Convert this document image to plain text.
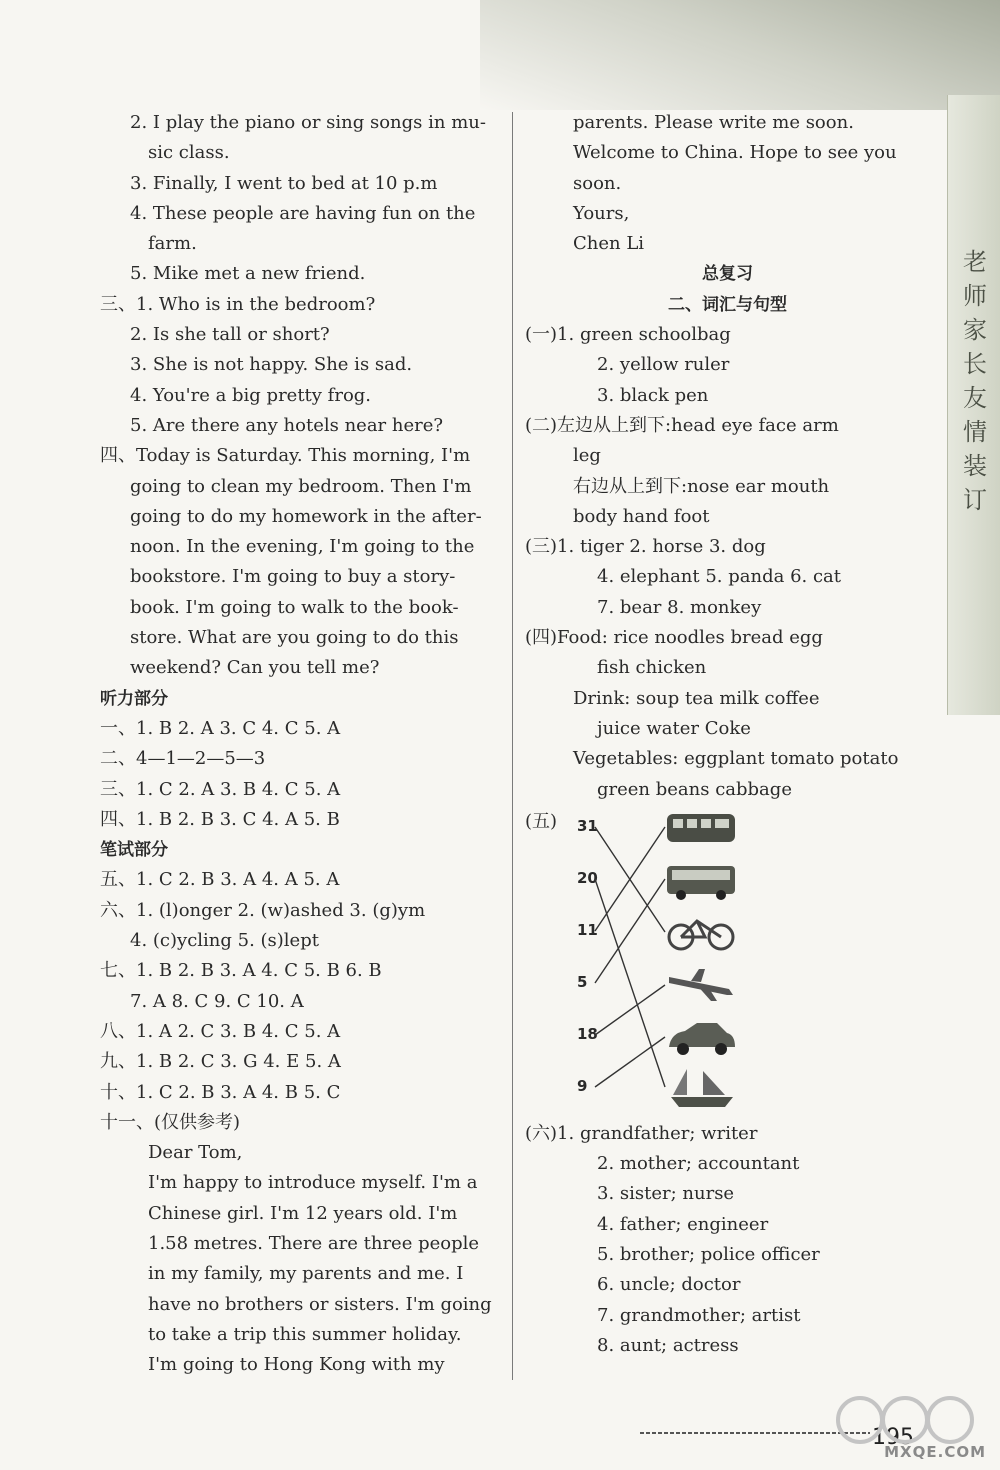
老师家长友情装订
2. I play the piano or sing songs in mu-
sic class.
3. Finally, I went to bed at 10 p.m
4. These people are having fun on the
farm.
5. Mike met a new friend.
三、1. Who is in the bedroom?
2. Is she tall or short?
3. She is not happy. She is sad.
4. You're a big pretty frog.
5. Are there any hotels near here?
四、Today is Saturday. This morning, I'm
going to clean my bedroom. Then I'm
going to do my homework in the after-
noon. In the evening, I'm going to the
bookstore. I'm going to buy a story-
book. I'm going to walk to the book-
store. What are you going to do this
weekend? Can you tell me?
听力部分
一、1. B 2. A 3. C 4. C 5. A
二、4—1—2—5—3
三、1. C 2. A 3. B 4. C 5. A
四、1. B 2. B 3. C 4. A 5. B
笔试部分
五、1. C 2. B 3. A 4. A 5. A
六、1. (l)onger 2. (w)ashed 3. (g)ym
4. (c)ycling 5. (s)lept
七、1. B 2. B 3. A 4. C 5. B 6. B
7. A 8. C 9. C 10. A
八、1. A 2. C 3. B 4. C 5. A
九、1. B 2. C 3. G 4. E 5. A
十、1. C 2. B 3. A 4. B 5. C
十一、(仅供参考)
Dear Tom,
I'm happy to introduce myself. I'm a
Chinese girl. I'm 12 years old. I'm
1.58 metres. There are three people
in my family, my parents and me. I
have no brothers or sisters. I'm going
to take a trip this summer holiday.
I'm going to Hong Kong with my
parents. Please write me soon.
Welcome to China. Hope to see you
soon.
Yours,
Chen Li
总复习
二、词汇与句型
(一)1. green schoolbag
2. yellow ruler
3. black pen
(二)左边从上到下:head eye face arm
leg
右边从上到下:nose ear mouth
body hand foot
(三)1. tiger 2. horse 3. dog
4. elephant 5. panda 6. cat
7. bear 8. monkey
(四)Food: rice noodles bread egg
fish chicken
Drink: soup tea milk coffee
juice water Coke
Vegetables: eggplant tomato potato
green beans cabbage
(五) 31
20
11
5
18
9
(六)1. grandfather; writer
2. mother; accountant
3. sister; nurse
4. father; engineer
5. brother; police officer
6. uncle; doctor
7. grandmother; artist
8. aunt; actress
195
MXQE.COM
